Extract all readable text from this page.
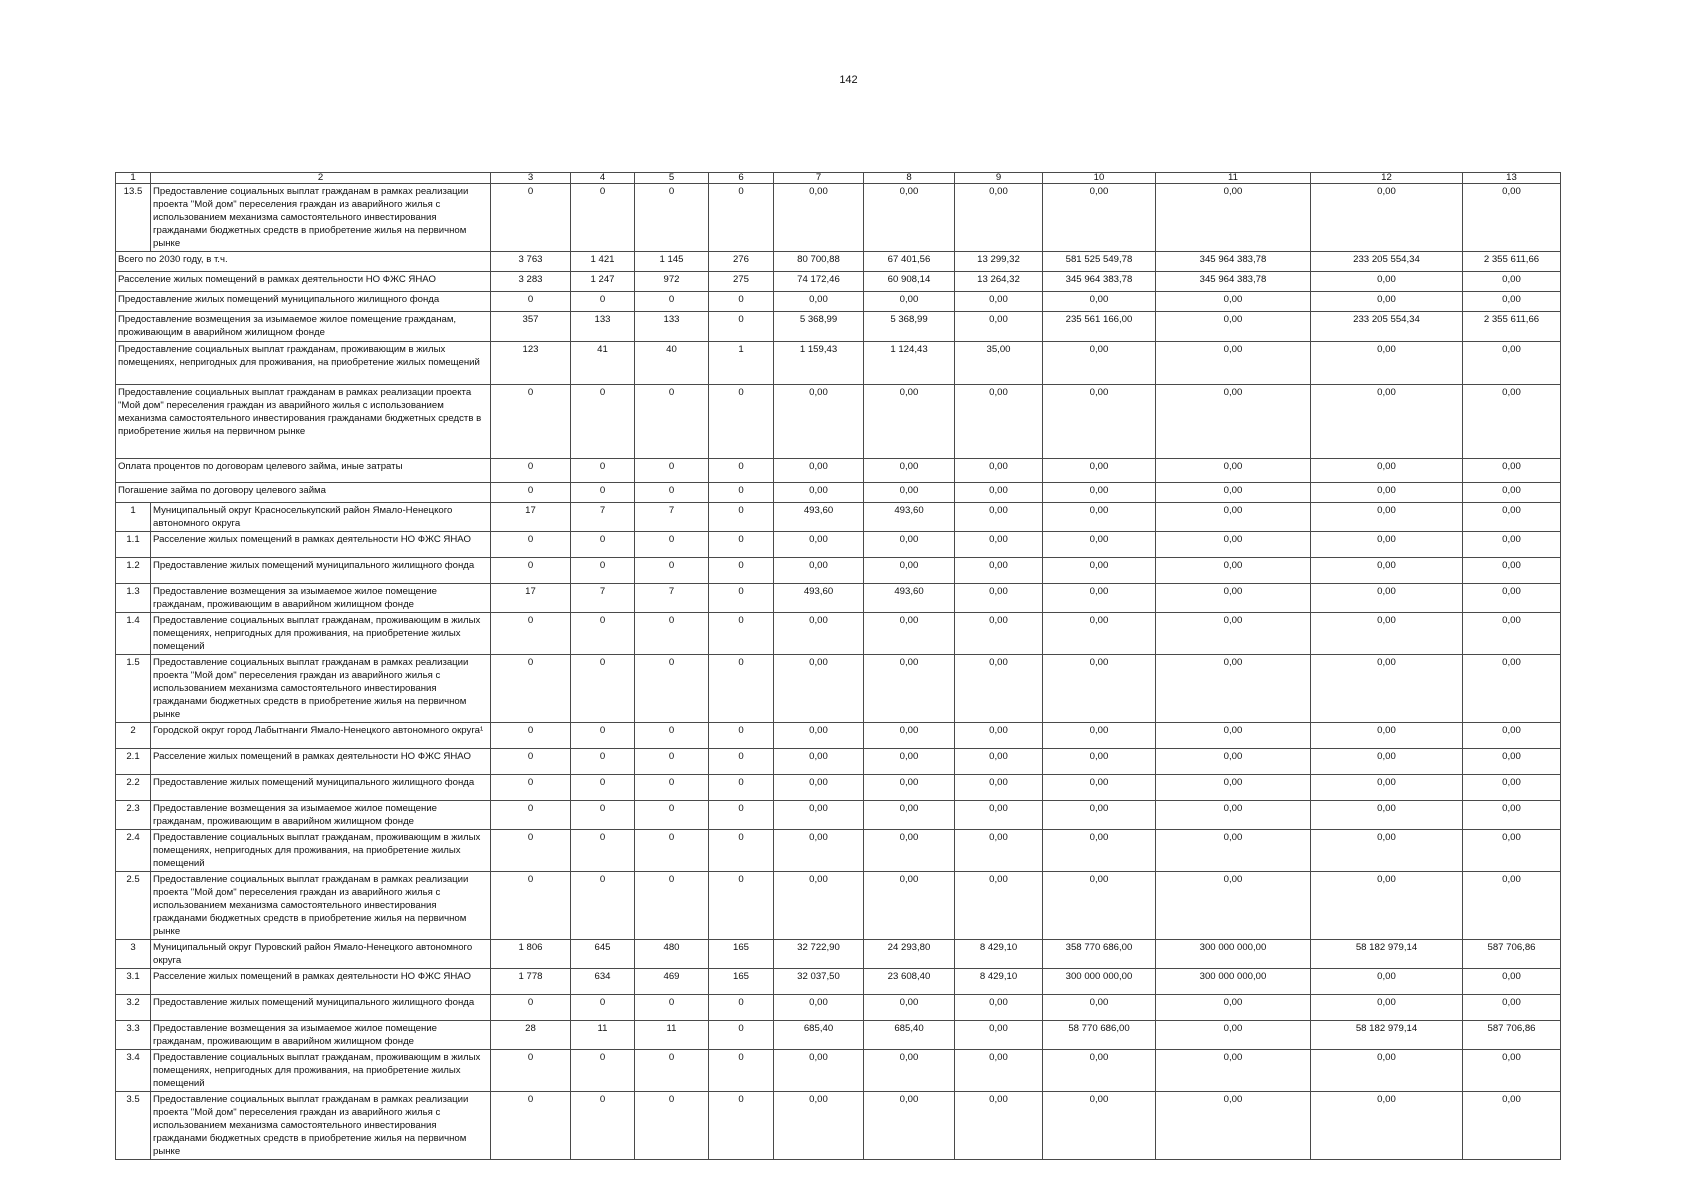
142
1	2	3	4	5	6	7	8	9	10	11	12	13
13.5	Предоставление социальных выплат гражданам в рамках реализации проекта "Мой дом" переселения граждан из аварийного жилья с использованием механизма самостоятельного инвестирования гражданами бюджетных средств в приобретение жилья на первичном рынке	0	0	0	0	0,00	0,00	0,00	0,00	0,00	0,00	0,00
Всего по 2030 году, в т.ч.		3 763	1 421	1 145	276	80 700,88	67 401,56	13 299,32	581 525 549,78	345 964 383,78	233 205 554,34	2 355 611,66
Расселение жилых помещений в рамках деятельности НО ФЖС ЯНАО		3 283	1 247	972	275	74 172,46	60 908,14	13 264,32	345 964 383,78	345 964 383,78	0,00	0,00
Предоставление жилых помещений муниципального жилищного фонда		0	0	0	0	0,00	0,00	0,00	0,00	0,00	0,00	0,00
Предоставление возмещения за изымаемое жилое помещение гражданам, проживающим в аварийном жилищном фонде		357	133	133	0	5 368,99	5 368,99	0,00	235 561 166,00	0,00	233 205 554,34	2 355 611,66
Предоставление социальных выплат гражданам, проживающим в жилых помещениях, непригодных для проживания, на приобретение жилых помещений		123	41	40	1	1 159,43	1 124,43	35,00	0,00	0,00	0,00	0,00
Предоставление социальных выплат гражданам в рамках реализации проекта "Мой дом" переселения граждан из аварийного жилья с использованием механизма самостоятельного инвестирования гражданами бюджетных средств в приобретение жилья на первичном рынке		0	0	0	0	0,00	0,00	0,00	0,00	0,00	0,00	0,00
Оплата процентов по договорам целевого займа, иные затраты		0	0	0	0	0,00	0,00	0,00	0,00	0,00	0,00	0,00
Погашение займа по договору целевого займа		0	0	0	0	0,00	0,00	0,00	0,00	0,00	0,00	0,00
1	Муниципальный округ Красноселькупский район Ямало-Ненецкого автономного округа	17	7	7	0	493,60	493,60	0,00	0,00	0,00	0,00	0,00
1.1	Расселение жилых помещений в рамках деятельности НО ФЖС ЯНАО	0	0	0	0	0,00	0,00	0,00	0,00	0,00	0,00	0,00
1.2	Предоставление жилых помещений муниципального жилищного фонда	0	0	0	0	0,00	0,00	0,00	0,00	0,00	0,00	0,00
1.3	Предоставление возмещения за изымаемое жилое помещение гражданам, проживающим в аварийном жилищном фонде	17	7	7	0	493,60	493,60	0,00	0,00	0,00	0,00	0,00
1.4	Предоставление социальных выплат гражданам, проживающим в жилых помещениях, непригодных для проживания, на приобретение жилых помещений	0	0	0	0	0,00	0,00	0,00	0,00	0,00	0,00	0,00
1.5	Предоставление социальных выплат гражданам в рамках реализации проекта "Мой дом" переселения граждан из аварийного жилья с использованием механизма самостоятельного инвестирования гражданами бюджетных средств в приобретение жилья на первичном рынке	0	0	0	0	0,00	0,00	0,00	0,00	0,00	0,00	0,00
2	Городской округ город Лабытнанги Ямало-Ненецкого автономного округа¹	0	0	0	0	0,00	0,00	0,00	0,00	0,00	0,00	0,00
2.1	Расселение жилых помещений в рамках деятельности НО ФЖС ЯНАО	0	0	0	0	0,00	0,00	0,00	0,00	0,00	0,00	0,00
2.2	Предоставление жилых помещений муниципального жилищного фонда	0	0	0	0	0,00	0,00	0,00	0,00	0,00	0,00	0,00
2.3	Предоставление возмещения за изымаемое жилое помещение гражданам, проживающим в аварийном жилищном фонде	0	0	0	0	0,00	0,00	0,00	0,00	0,00	0,00	0,00
2.4	Предоставление социальных выплат гражданам, проживающим в жилых помещениях, непригодных для проживания, на приобретение жилых помещений	0	0	0	0	0,00	0,00	0,00	0,00	0,00	0,00	0,00
2.5	Предоставление социальных выплат гражданам в рамках реализации проекта "Мой дом" переселения граждан из аварийного жилья с использованием механизма самостоятельного инвестирования гражданами бюджетных средств в приобретение жилья на первичном рынке	0	0	0	0	0,00	0,00	0,00	0,00	0,00	0,00	0,00
3	Муниципальный округ Пуровский район Ямало-Ненецкого автономного округа	1 806	645	480	165	32 722,90	24 293,80	8 429,10	358 770 686,00	300 000 000,00	58 182 979,14	587 706,86
3.1	Расселение жилых помещений в рамках деятельности НО ФЖС ЯНАО	1 778	634	469	165	32 037,50	23 608,40	8 429,10	300 000 000,00	300 000 000,00	0,00	0,00
3.2	Предоставление жилых помещений муниципального жилищного фонда	0	0	0	0	0,00	0,00	0,00	0,00	0,00	0,00	0,00
3.3	Предоставление возмещения за изымаемое жилое помещение гражданам, проживающим в аварийном жилищном фонде	28	11	11	0	685,40	685,40	0,00	58 770 686,00	0,00	58 182 979,14	587 706,86
3.4	Предоставление социальных выплат гражданам, проживающим в жилых помещениях, непригодных для проживания, на приобретение жилых помещений	0	0	0	0	0,00	0,00	0,00	0,00	0,00	0,00	0,00
3.5	Предоставление социальных выплат гражданам в рамках реализации проекта "Мой дом" переселения граждан из аварийного жилья с использованием механизма самостоятельного инвестирования гражданами бюджетных средств в приобретение жилья на первичном рынке	0	0	0	0	0,00	0,00	0,00	0,00	0,00	0,00	0,00
